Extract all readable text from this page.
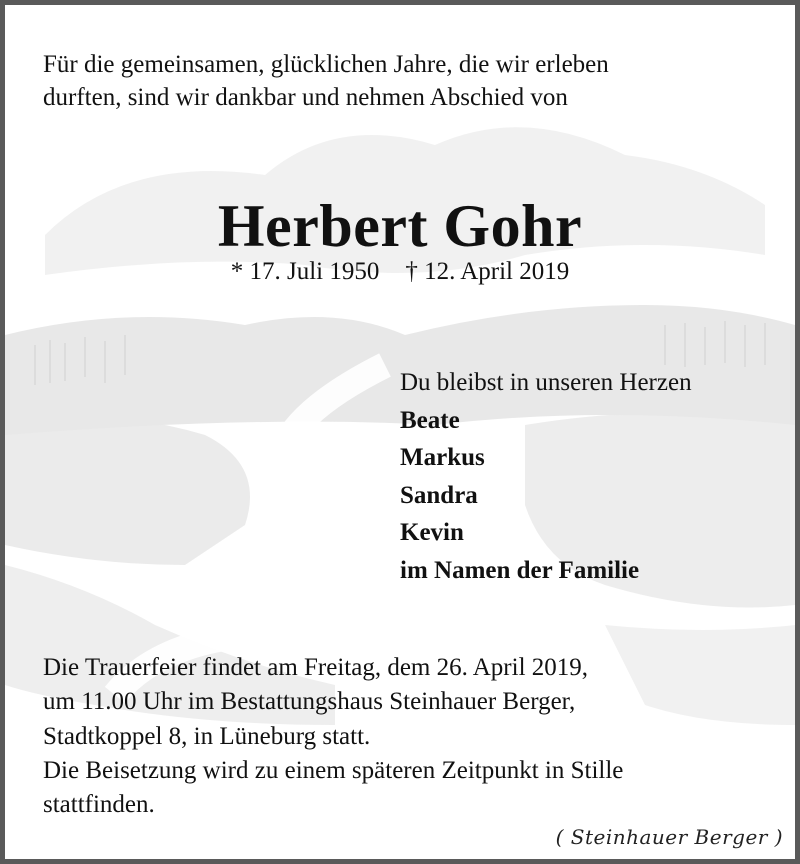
Für die gemeinsamen, glücklichen Jahre, die wir erleben
durften, sind wir dankbar und nehmen Abschied von

Herbert Gohr
* 17. Juli 1950 † 12. April 2019
Du bleibst in unseren Herzen
Beate
Markus
Sandra
Kevin
im Namen der Familie
Die Trauerfeier findet am Freitag, dem 26. April 2019,
um 11.00 Uhr im Bestattungshaus Steinhauer Berger,
Stadtkoppel 8, in Lüneburg statt.
Die Beisetzung wird zu einem späteren Zeitpunkt in Stille
stattfinden.
( Steinhauer Berger )
